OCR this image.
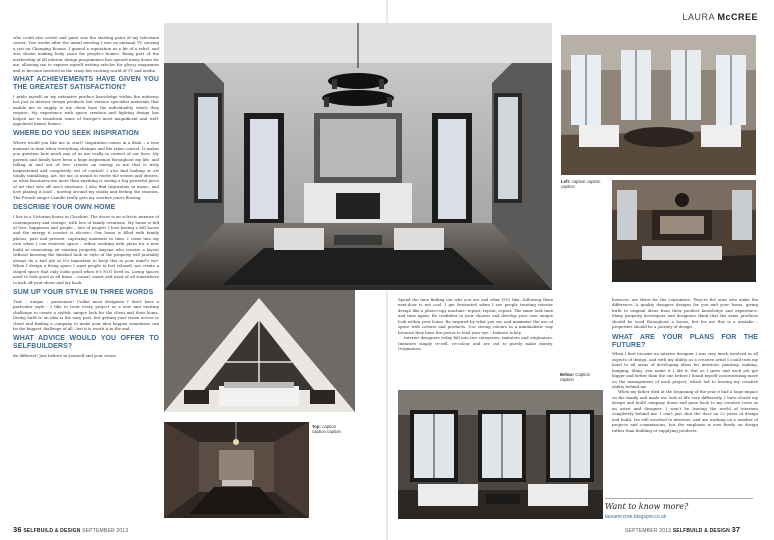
LAURA McCREE

who could also create and paint was the starting point of my television career. Two weeks after the initial meeting I was on national TV causing a riot on Changing Rooms. I gained a reputation as a bit of a rebel, and was shown making body casts for people's homes. Being part of the mothership of all interior design programmes has opened many doors for me, allowing me to express myself writing articles for glossy magazines and to become involved in the crazy but exciting world of TV and media.

WHAT ACHIEVEMENTS HAVE GIVEN YOU THE GREATEST SATISFACTION?

I pride myself on my extensive product knowledge within the industry, not just in interior design products but various specialist materials that enable me to supply to my client base the individuality which they require. My experience with space creation and lighting design has helped me to transform some of Europe's most magnificent and well-appointed luxury homes.

WHERE DO YOU SEEK INSPIRATION

Where would you like me to start? Inspiration comes in a flash – a true moment in time when everything changes and life takes control. It makes you question how much any of us are really in control of our lives. My parents and family have been a huge inspiration throughout my life, and falling in and out of love creates an energy in me that is truly inspirational and completely out of control! I also find looking at art totally tantalising. Art, for me, is meant to excite the senses and desires, so what fascinates me more than anything is seeing a big powerful piece of art that sets off one's emotions. I also find inspiration in music, and love playing it loud – moving around my studio and feeling the emotion. The French singer Camille really gets my creative juices flowing.

DESCRIBE YOUR OWN HOME

I live in a Victorian house in Cheshire. The decor is an eclectic mixture of contemporary and vintage, with lots of family creations. My home is full of love, happiness and people – lots of people! I love having a full house and the energy it creates is electric. Our home is filled with family photos, past and present, capturing moments in time. I come into my own when I can reinvent space – either working with plans for a new build or renovating an existing property. Anyone who creates a layout without knowing the finished look or style of the property will probably always do a bad job so it's important to keep this in your mind's eye. When I design a living space I want people to feel relaxed, not create a staged space that only looks good when it's NOT lived in. Living spaces need to look good at all times – casual, smart and most of all somewhere to kick off your shoes and lay back.

SUM UP YOUR STYLE IN THREE WORDS

True – unique – passionate! Unlike most designers I don't have a particular style - I like to treat every project as a new and exciting challenge to create a stylish, unique look for the client and their home. Giving birth to an idea is the easy part, but getting your vision across to client and finding a company to make your idea happen sometimes can be the biggest challenge of all...but it is worth it in the end.

WHAT ADVICE WOULD YOU OFFER TO SELFBUILDERS?

Be different! Just believe in yourself and your vision.

Left: caption caption caption
Top: caption caption caption

Spend the time finding out who you are and what YOU like...following them next-door is not cool. I get frustrated when I see people treating interior design like a photo-copy machine: repeat, repeat, repeat. The same look time and time again. Be confident in your choices and develop your own unique look within your home. Be inspired by what you see and maximise the use of space with colours and products. Use strong colours in a minimalistic way because they have the power to lead your eye – balance is key.

Interior designers today fall into two categories: imitators and originators. Imitators simply re-sell, re-colour and are out to purely make money. Originators,

Below: Caption caption

however, are there for the consumers. They're the ones who make the difference. A quality designer designs for you and your home, giving birth to original ideas from their product knowledge and experience. Many property developers and designers think that the same products should be used throughout a house, but for me this is a mistake – properties should be a journey of design.

WHAT ARE YOUR PLANS FOR THE FUTURE?

When I first became an interior designer I was very much involved in all aspects of design, and with my ability as a creative artist I could turn my hand to all areas of developing ideas for interiors: painting, making, hanging, tiling…you name it I did it. But as I grew and each job got bigger and better than the one before I found myself concentrating more on the management of each project, which led to leaving my creative ability behind me.

When my father died at the beginning of the year it had a huge impact on the family and made me look at life very differently. I have closed my design and build company down and gone back to my creative roots as an artist and designer. I won't be leaving the world of interiors completely behind me. I can't just shut the door on 22 years of design and build. I'm still involved in interiors, and am working on a number of projects and commissions, but the emphasis is now firmly on design rather than building or supplying products.

Want to know more?
lauramccree.blogspot.co.uk
36 SELFBUILD & DESIGN SEPTEMBER 2013	SEPTEMBER 2013 SELFBUILD & DESIGN 37
